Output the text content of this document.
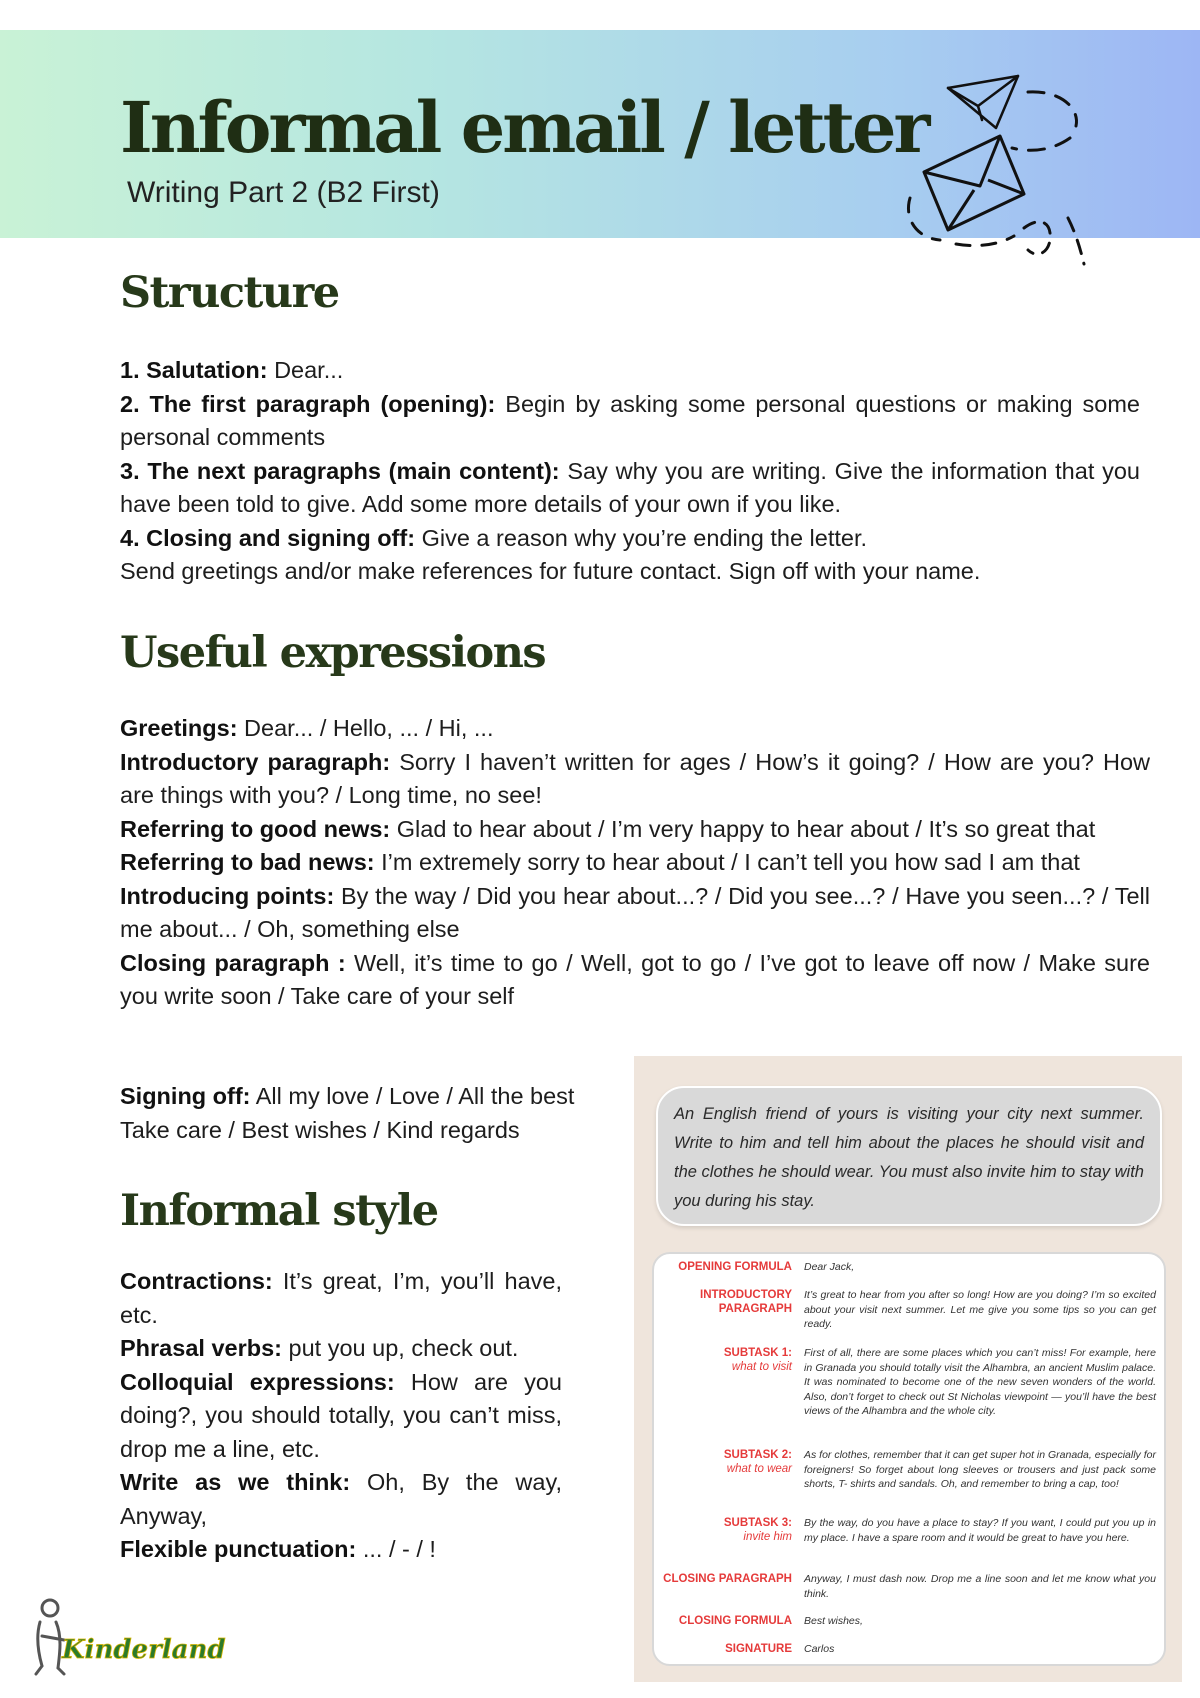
Informal email / letter
Writing Part 2 (B2 First)
Structure

1. Salutation: Dear...

2. The first paragraph (opening): Begin by asking some personal questions or making some personal comments

3. The next paragraphs (main content): Say why you are writing. Give the information that you have been told to give. Add some more details of your own if you like.

4. Closing and signing off: Give a reason why you’re ending the letter.

Send greetings and/or make references for future contact. Sign off with your name.

Useful expressions

Greetings: Dear... / Hello, ... / Hi, ...

Introductory paragraph: Sorry I haven’t written for ages / How’s it going? / How are you? How are things with you? / Long time, no see!

Referring to good news: Glad to hear about / I’m very happy to hear about / It’s so great that

Referring to bad news: I’m extremely sorry to hear about / I can’t tell you how sad I am that

Introducing points: By the way / Did you hear about...? / Did you see...? / Have you seen...? / Tell me about... / Oh, something else

Closing paragraph : Well, it’s time to go / Well, got to go / I’ve got to leave off now / Make sure you write soon / Take care of your self

Signing off: All my love / Love / All the best

Take care / Best wishes / Kind regards

Informal style

Contractions: It’s great, I’m, you’ll have, etc.

Phrasal verbs: put you up, check out.

Colloquial expressions: How are you doing?, you should totally, you can’t miss, drop me a line, etc.

Write as we think: Oh, By the way, Anyway,

Flexible punctuation: ... / - / !

An English friend of yours is visiting your city next summer. Write to him and tell him about the places he should visit and the clothes he should wear. You must also invite him to stay with you during his stay.
OPENING FORMULA Dear Jack,
INTRODUCTORY PARAGRAPH
It’s great to hear from you after so long! How are you doing? I’m so excited about your visit next summer. Let me give you some tips so you can get ready.
SUBTASK 1:
what to visit
First of all, there are some places which you can’t miss! For example, here in Granada you should totally visit the Alhambra, an ancient Muslim palace. It was nominated to become one of the new seven wonders of the world. Also, don’t forget to check out St Nicholas viewpoint — you’ll have the best views of the Alhambra and the whole city.
SUBTASK 2:
what to wear
As for clothes, remember that it can get super hot in Granada, especially for foreigners! So forget about long sleeves or trousers and just pack some shorts, T- shirts and sandals. Oh, and remember to bring a cap, too!
SUBTASK 3:
invite him
By the way, do you have a place to stay? If you want, I could put you up in my place. I have a spare room and it would be great to have you here.
CLOSING PARAGRAPH Anyway, I must dash now. Drop me a line soon and let me know what you think.
CLOSING FORMULA Best wishes,
SIGNATURE Carlos
Kinderland
